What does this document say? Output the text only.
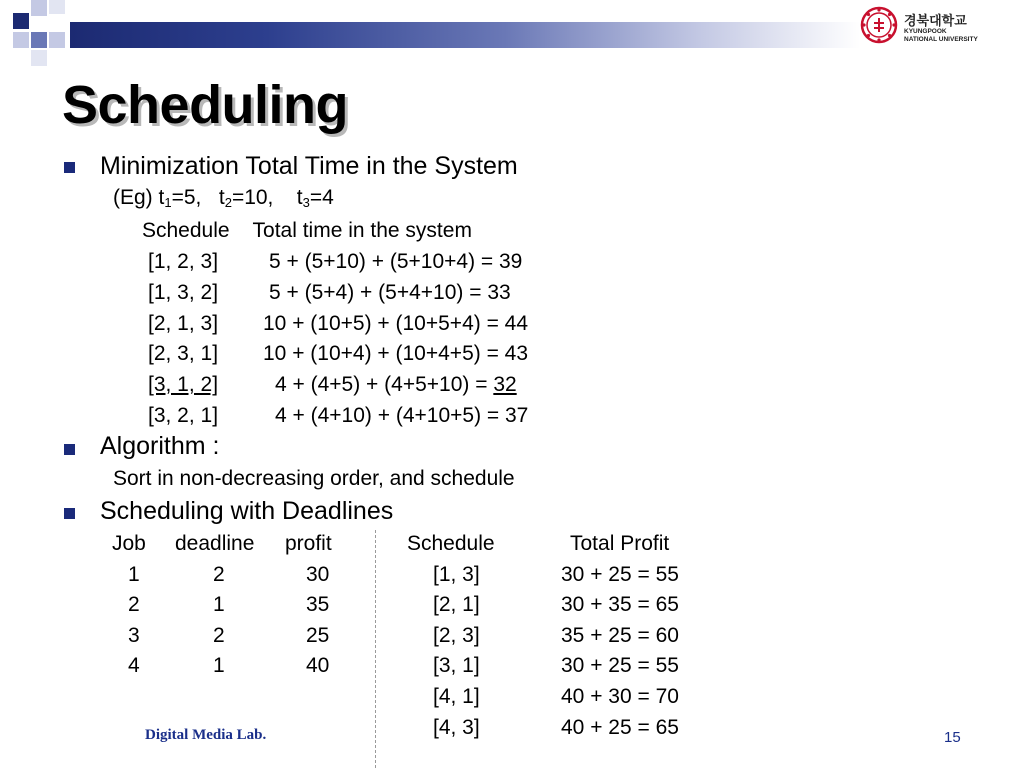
경북대학교
KYUNGPOOK
NATIONAL UNIVERSITY
Scheduling
Minimization Total Time in the System
(Eg) $t_1=5$,   $t_2=10$,    $t_3=4$
Schedule    Total time in the system
[1, 2, 3] 5 + (5+10) + (5+10+4) = 39
[1, 3, 2] 5 + (5+4) + (5+4+10) = 33
[2, 1, 3] 10 + (10+5) + (10+5+4) = 44
[2, 3, 1] 10 + (10+4) + (10+4+5) = 43
[3, 1, 2]	4 + (4+5) + (4+5+10) = 32
[3, 2, 1]	4 + (4+10) + (4+10+5) = 37
Algorithm :
Sort in non-decreasing order, and schedule
Scheduling with Deadlines
Job deadline profit
1	2	30
2	1	35
3	2	25
4	1	40
Schedule	Total Profit
[1, 3]	30 + 25 = 55
[2, 1]	30 + 35 = 65
[2, 3]	35 + 25 = 60
[3, 1]	30 + 25 = 55
[4, 1]	40 + 30 = 70
[4, 3]	40 + 25 = 65
Digital Media Lab.	15
